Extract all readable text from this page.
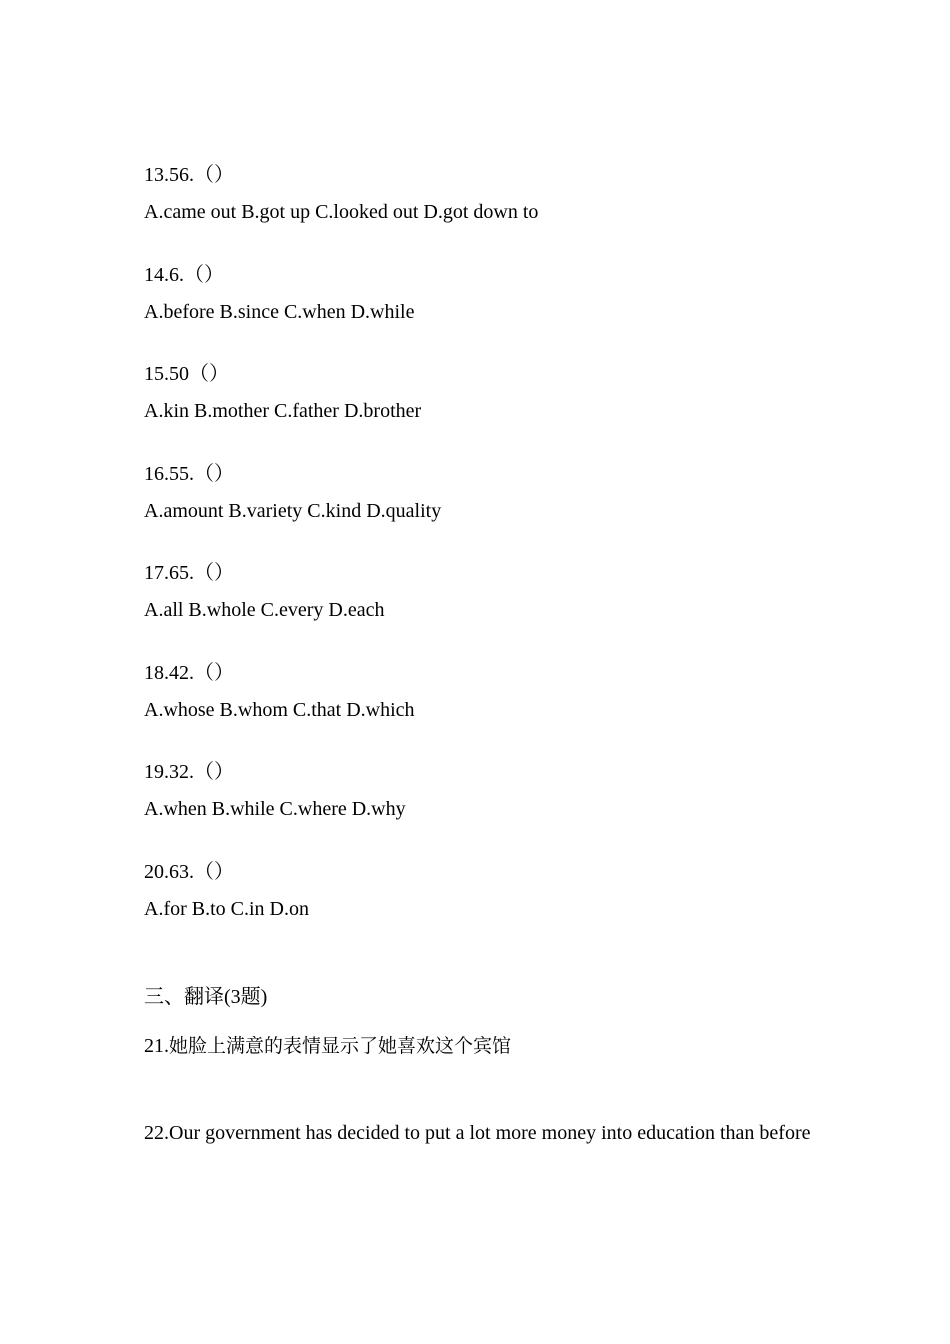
13.56.（）
A.came out B.got up C.looked out D.got down to
14.6.（）
A.before B.since C.when D.while
15.50（）
A.kin B.mother C.father D.brother
16.55.（）
A.amount B.variety C.kind D.quality
17.65.（）
A.all B.whole C.every D.each
18.42.（）
A.whose B.whom C.that D.which
19.32.（）
A.when B.while C.where D.why
20.63.（）
A.for B.to C.in D.on
三、翻译(3题)
21.她脸上满意的表情显示了她喜欢这个宾馆
22.Our government has decided to put a lot more money into education than before
